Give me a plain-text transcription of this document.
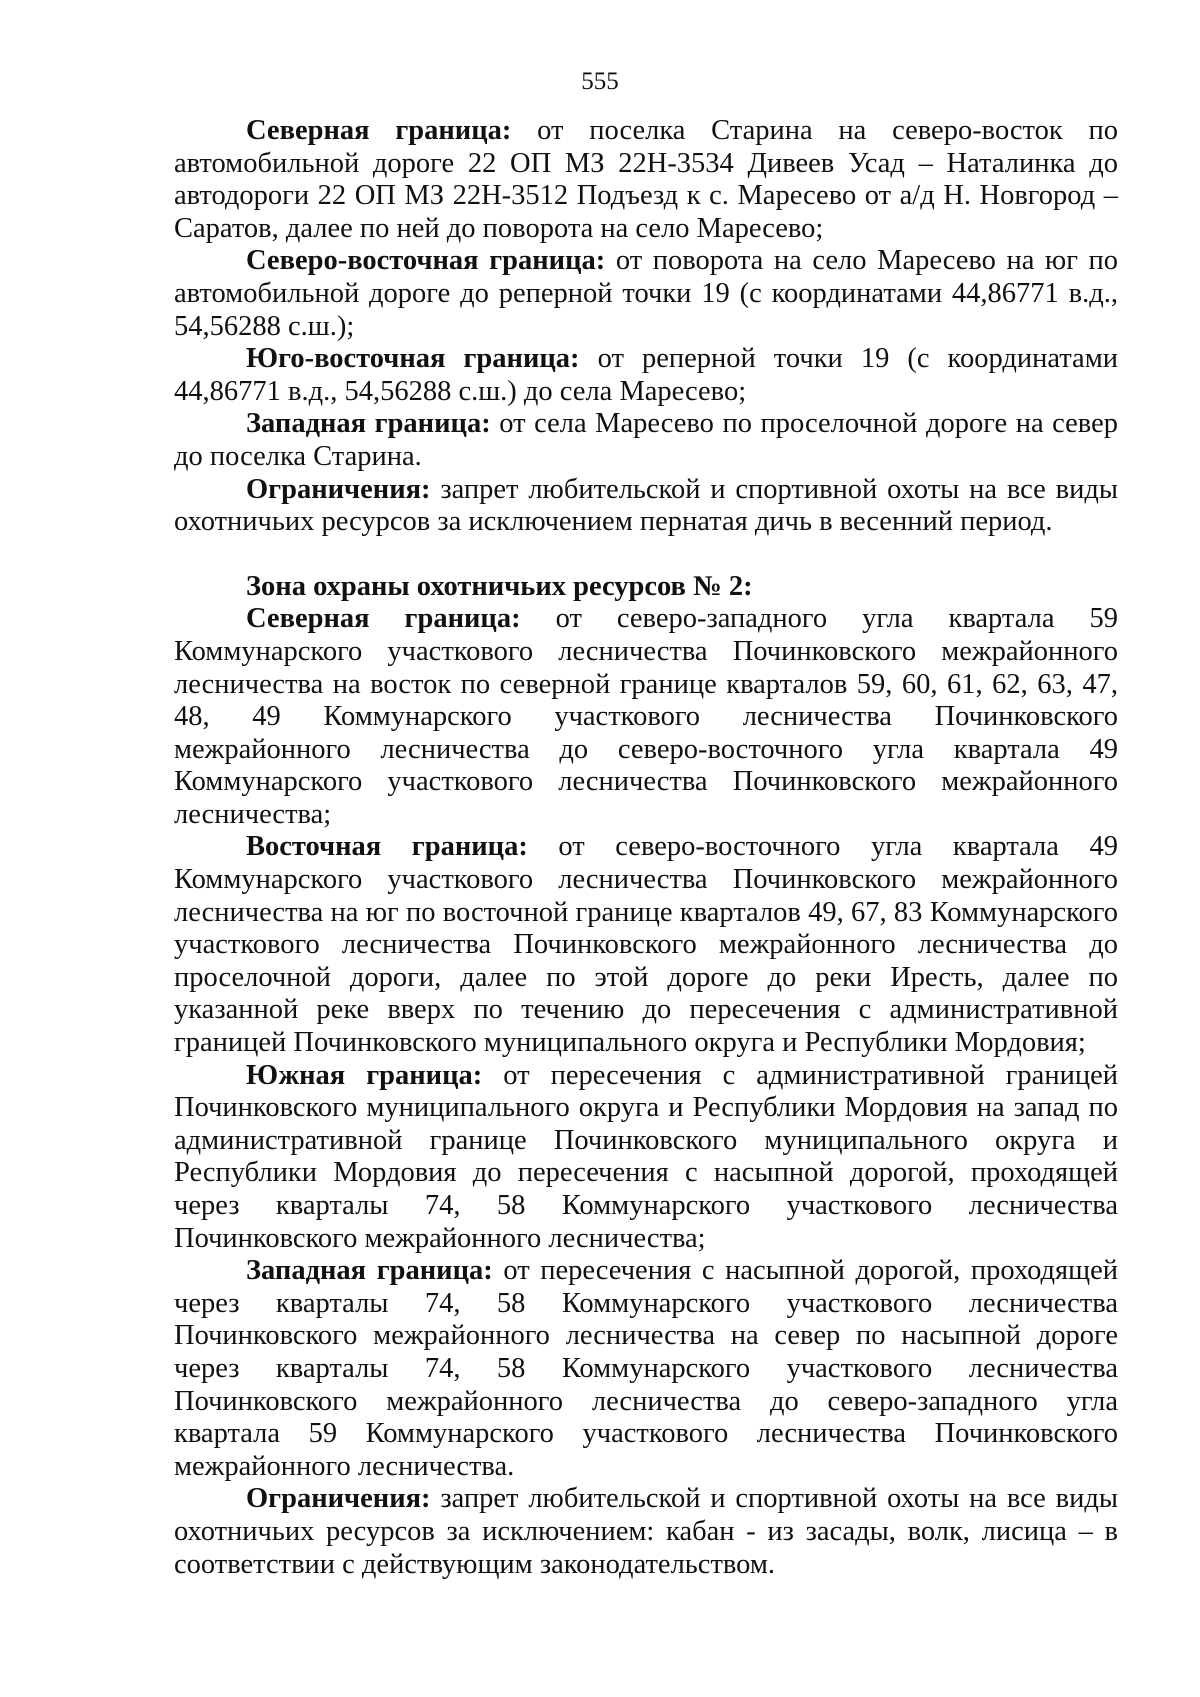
555

Северная граница: от поселка Старина на северо-восток по автомобильной дороге 22 ОП МЗ 22Н-3534 Дивеев Усад – Наталинка до автодороги 22 ОП МЗ 22Н-3512 Подъезд к с. Маресево от а/д Н. Новгород – Саратов, далее по ней до поворота на село Маресево;

Северо-восточная граница: от поворота на село Маресево на юг по автомобильной дороге до реперной точки 19 (с координатами 44,86771 в.д., 54,56288 с.ш.);

Юго-восточная граница: от реперной точки 19 (с координатами 44,86771 в.д., 54,56288 с.ш.) до села Маресево;

Западная граница: от села Маресево по проселочной дороге на север до поселка Старина.

Ограничения: запрет любительской и спортивной охоты на все виды охотничьих ресурсов за исключением пернатая дичь в весенний период.

Зона охраны охотничьих ресурсов № 2:

Северная граница: от северо-западного угла квартала 59 Коммунарского участкового лесничества Починковского межрайонного лесничества на восток по северной границе кварталов 59, 60, 61, 62, 63, 47, 48, 49 Коммунарского участкового лесничества Починковского межрайонного лесничества до северо-восточного угла квартала 49 Коммунарского участкового лесничества Починковского межрайонного лесничества;

Восточная граница: от северо-восточного угла квартала 49 Коммунарского участкового лесничества Починковского межрайонного лесничества на юг по восточной границе кварталов 49, 67, 83 Коммунарского участкового лесничества Починковского межрайонного лесничества до проселочной дороги, далее по этой дороге до реки Иресть, далее по указанной реке вверх по течению до пересечения с административной границей Починковского муниципального округа и Республики Мордовия;

Южная граница: от пересечения с административной границей Починковского муниципального округа и Республики Мордовия на запад по административной границе Починковского муниципального округа и Республики Мордовия до пересечения с насыпной дорогой, проходящей через кварталы 74, 58 Коммунарского участкового лесничества Починковского межрайонного лесничества;

Западная граница: от пересечения с насыпной дорогой, проходящей через кварталы 74, 58 Коммунарского участкового лесничества Починковского межрайонного лесничества на север по насыпной дороге через кварталы 74, 58 Коммунарского участкового лесничества Починковского межрайонного лесничества до северо-западного угла квартала 59 Коммунарского участкового лесничества Починковского межрайонного лесничества.

Ограничения: запрет любительской и спортивной охоты на все виды охотничьих ресурсов за исключением: кабан - из засады, волк, лисица – в соответствии с действующим законодательством.
